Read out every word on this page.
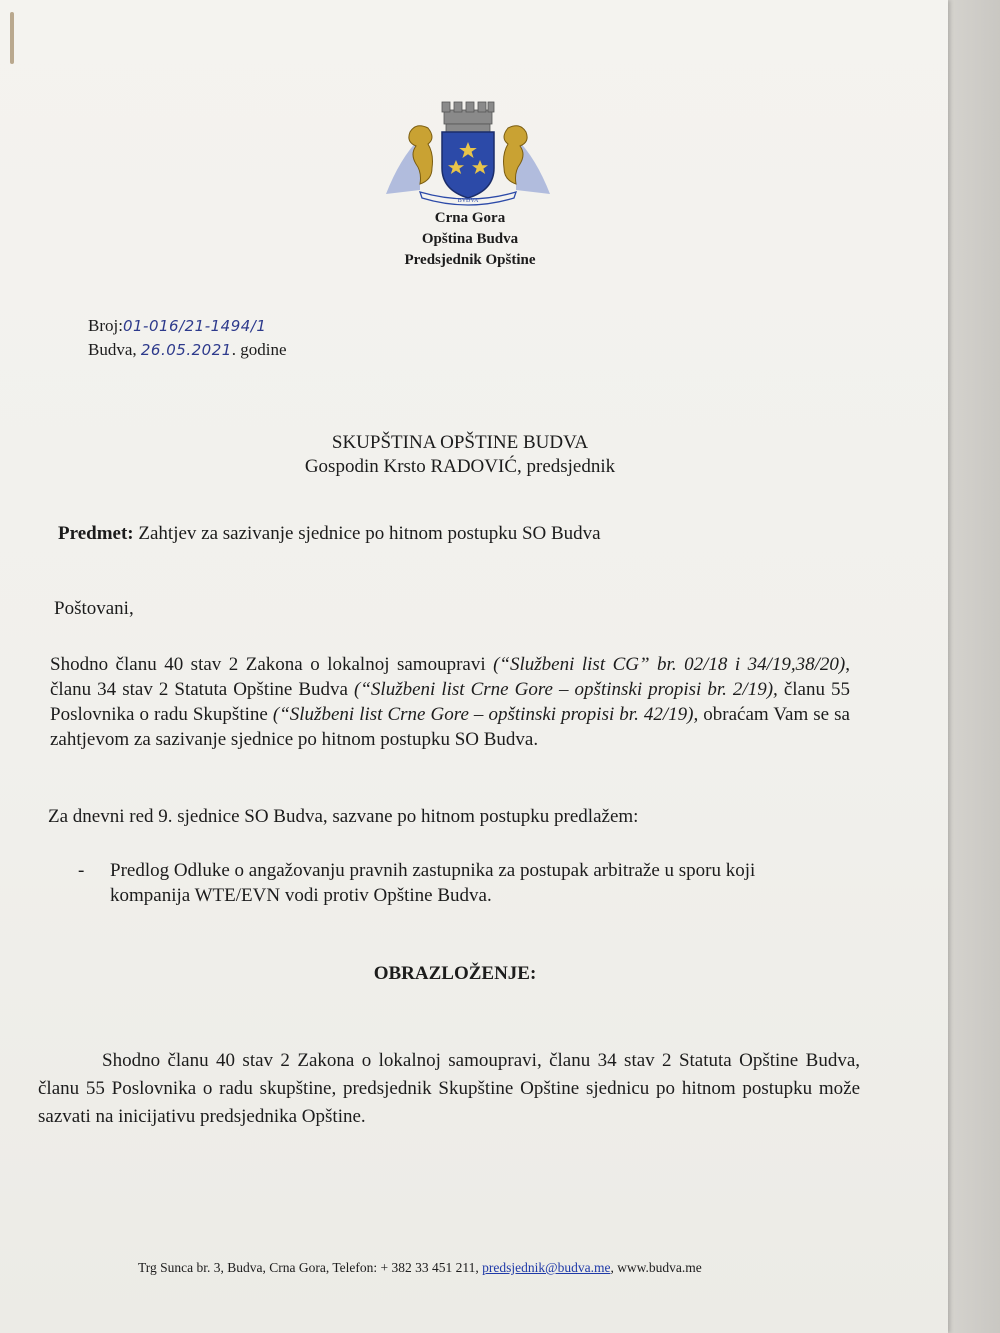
BVDVA
Crna Gora
Opština Budva
Predsjednik Opštine
Broj:01-016/21-1494/1
Budva, 26.05.2021. godine
SKUPŠTINA OPŠTINE BUDVA
Gospodin Krsto RADOVIĆ, predsjednik
Predmet: Zahtjev za sazivanje sjednice po hitnom postupku SO Budva
Poštovani,
Shodno članu 40 stav 2 Zakona o lokalnoj samoupravi (“Službeni list CG” br. 02/18 i 34/19,38/20), članu 34 stav 2 Statuta Opštine Budva (“Službeni list Crne Gore – opštinski propisi br. 2/19), članu 55 Poslovnika o radu Skupštine (“Službeni list Crne Gore – opštinski propisi br. 42/19), obraćam Vam se sa zahtjevom za sazivanje sjednice po hitnom postupku SO Budva.
Za dnevni red 9. sjednice SO Budva, sazvane po hitnom postupku predlažem:
- Predlog Odluke o angažovanju pravnih zastupnika za postupak arbitraže u sporu koji kompanija WTE/EVN vodi protiv Opštine Budva.
OBRAZLOŽENJE:
Shodno članu 40 stav 2 Zakona o lokalnoj samoupravi, članu 34 stav 2 Statuta Opštine Budva, članu 55 Poslovnika o radu skupštine, predsjednik Skupštine Opštine sjednicu po hitnom postupku može sazvati na inicijativu predsjednika Opštine.
Trg Sunca br. 3, Budva, Crna Gora, Telefon: + 382 33 451 211, predsjednik@budva.me, www.budva.me
